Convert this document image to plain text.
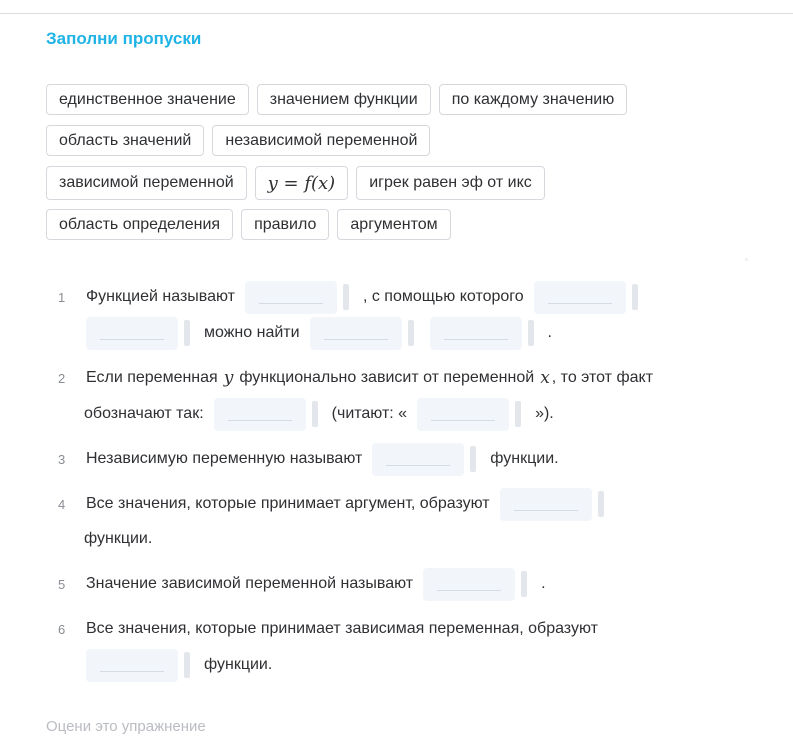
Заполни пропуски
единственное значение	значением функции	по каждому значению
область значений	независимой переменной
зависимой переменной	y = f(x)	игрек равен эф от икс
область определения	правило	аргументом
1	Функцией называют	, с помощью которого
можно найти	.
2	Если переменная y функционально зависит от переменной x , то этот факт
обозначают так:	(читают: «	»).
3	Независимую переменную называют	функции.
4	Все значения, которые принимает аргумент, образуют
функции.
5	Значение зависимой переменной называют	.
6	Все значения, которые принимает зависимая переменная, образуют
функции.
Оцени это упражнение
